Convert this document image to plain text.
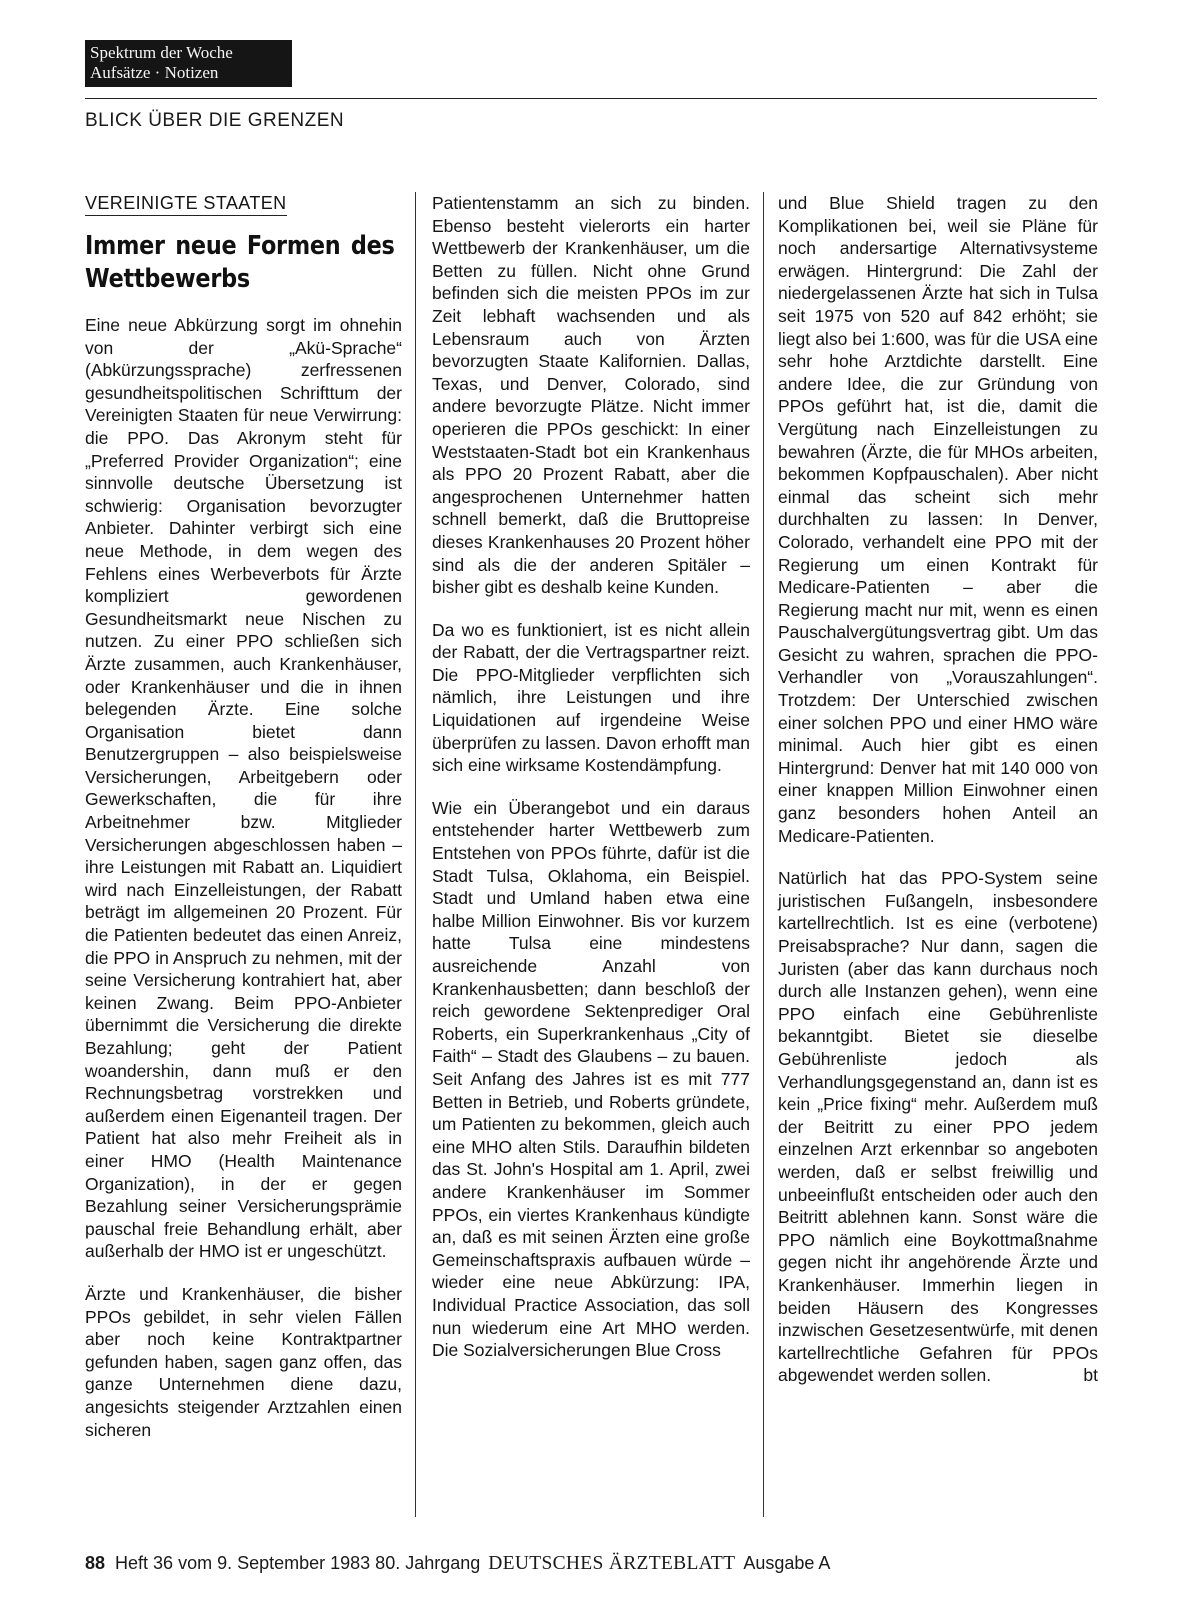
Spektrum der Woche
Aufsätze · Notizen
BLICK ÜBER DIE GRENZEN
VEREINIGTE STAATEN
Immer neue Formen des Wettbewerbs

Eine neue Abkürzung sorgt im ohnehin von der „Akü-Sprache“ (Abkürzungssprache) zerfressenen gesundheitspolitischen Schrifttum der Vereinigten Staaten für neue Verwirrung: die PPO. Das Akronym steht für „Preferred Provider Organization“; eine sinnvolle deutsche Übersetzung ist schwierig: Organisation bevorzugter Anbieter. Dahinter verbirgt sich eine neue Methode, in dem wegen des Fehlens eines Werbeverbots für Ärzte kompliziert gewordenen Gesundheitsmarkt neue Nischen zu nutzen. Zu einer PPO schließen sich Ärzte zusammen, auch Krankenhäuser, oder Krankenhäuser und die in ihnen belegenden Ärzte. Eine solche Organisation bietet dann Benutzergruppen – also beispielsweise Versicherungen, Arbeitgebern oder Gewerkschaften, die für ihre Arbeitnehmer bzw. Mitglieder Versicherungen abgeschlossen haben – ihre Leistungen mit Rabatt an. Liquidiert wird nach Einzelleistungen, der Rabatt beträgt im allgemeinen 20 Prozent. Für die Patienten bedeutet das einen Anreiz, die PPO in Anspruch zu nehmen, mit der seine Versicherung kontrahiert hat, aber keinen Zwang. Beim PPO-Anbieter übernimmt die Versicherung die direkte Bezahlung; geht der Patient woandershin, dann muß er den Rechnungsbetrag vorstrekken und außerdem einen Eigenanteil tragen. Der Patient hat also mehr Freiheit als in einer HMO (Health Maintenance Organization), in der er gegen Bezahlung seiner Versicherungsprämie pauschal freie Behandlung erhält, aber außerhalb der HMO ist er ungeschützt.

Ärzte und Krankenhäuser, die bisher PPOs gebildet, in sehr vielen Fällen aber noch keine Kontraktpartner gefunden haben, sagen ganz offen, das ganze Unternehmen diene dazu, angesichts steigender Arztzahlen einen sicheren

Patientenstamm an sich zu binden. Ebenso besteht vielerorts ein harter Wettbewerb der Krankenhäuser, um die Betten zu füllen. Nicht ohne Grund befinden sich die meisten PPOs im zur Zeit lebhaft wachsenden und als Lebensraum auch von Ärzten bevorzugten Staate Kalifornien. Dallas, Texas, und Denver, Colorado, sind andere bevorzugte Plätze. Nicht immer operieren die PPOs geschickt: In einer Weststaaten-Stadt bot ein Krankenhaus als PPO 20 Prozent Rabatt, aber die angesprochenen Unternehmer hatten schnell bemerkt, daß die Bruttopreise dieses Krankenhauses 20 Prozent höher sind als die der anderen Spitäler – bisher gibt es deshalb keine Kunden.

Da wo es funktioniert, ist es nicht allein der Rabatt, der die Vertragspartner reizt. Die PPO-Mitglieder verpflichten sich nämlich, ihre Leistungen und ihre Liquidationen auf irgendeine Weise überprüfen zu lassen. Davon erhofft man sich eine wirksame Kostendämpfung.

Wie ein Überangebot und ein daraus entstehender harter Wettbewerb zum Entstehen von PPOs führte, dafür ist die Stadt Tulsa, Oklahoma, ein Beispiel. Stadt und Umland haben etwa eine halbe Million Einwohner. Bis vor kurzem hatte Tulsa eine mindestens ausreichende Anzahl von Krankenhausbetten; dann beschloß der reich gewordene Sektenprediger Oral Roberts, ein Superkrankenhaus „City of Faith“ – Stadt des Glaubens – zu bauen. Seit Anfang des Jahres ist es mit 777 Betten in Betrieb, und Roberts gründete, um Patienten zu bekommen, gleich auch eine MHO alten Stils. Daraufhin bildeten das St. John's Hospital am 1. April, zwei andere Krankenhäuser im Sommer PPOs, ein viertes Krankenhaus kündigte an, daß es mit seinen Ärzten eine große Gemeinschaftspraxis aufbauen würde – wieder eine neue Abkürzung: IPA, Individual Practice Association, das soll nun wiederum eine Art MHO werden. Die Sozialversicherungen Blue Cross

und Blue Shield tragen zu den Komplikationen bei, weil sie Pläne für noch andersartige Alternativsysteme erwägen. Hintergrund: Die Zahl der niedergelassenen Ärzte hat sich in Tulsa seit 1975 von 520 auf 842 erhöht; sie liegt also bei 1:600, was für die USA eine sehr hohe Arztdichte darstellt. Eine andere Idee, die zur Gründung von PPOs geführt hat, ist die, damit die Vergütung nach Einzelleistungen zu bewahren (Ärzte, die für MHOs arbeiten, bekommen Kopfpauschalen). Aber nicht einmal das scheint sich mehr durchhalten zu lassen: In Denver, Colorado, verhandelt eine PPO mit der Regierung um einen Kontrakt für Medicare-Patienten – aber die Regierung macht nur mit, wenn es einen Pauschalvergütungsvertrag gibt. Um das Gesicht zu wahren, sprachen die PPO-Verhandler von „Vorauszahlungen“. Trotzdem: Der Unterschied zwischen einer solchen PPO und einer HMO wäre minimal. Auch hier gibt es einen Hintergrund: Denver hat mit 140 000 von einer knappen Million Einwohner einen ganz besonders hohen Anteil an Medicare-Patienten.

Natürlich hat das PPO-System seine juristischen Fußangeln, insbesondere kartellrechtlich. Ist es eine (verbotene) Preisabsprache? Nur dann, sagen die Juristen (aber das kann durchaus noch durch alle Instanzen gehen), wenn eine PPO einfach eine Gebührenliste bekanntgibt. Bietet sie dieselbe Gebührenliste jedoch als Verhandlungsgegenstand an, dann ist es kein „Price fixing“ mehr. Außerdem muß der Beitritt zu einer PPO jedem einzelnen Arzt erkennbar so angeboten werden, daß er selbst freiwillig und unbeeinflußt entscheiden oder auch den Beitritt ablehnen kann. Sonst wäre die PPO nämlich eine Boykottmaßnahme gegen nicht ihr angehörende Ärzte und Krankenhäuser. Immerhin liegen in beiden Häusern des Kongresses inzwischen Gesetzesentwürfe, mit denen kartellrechtliche Gefahren für PPOs abgewendet werden sollen.	bt

88 Heft 36 vom 9. September 1983 80. Jahrgang DEUTSCHES ÄRZTEBLATT Ausgabe A
